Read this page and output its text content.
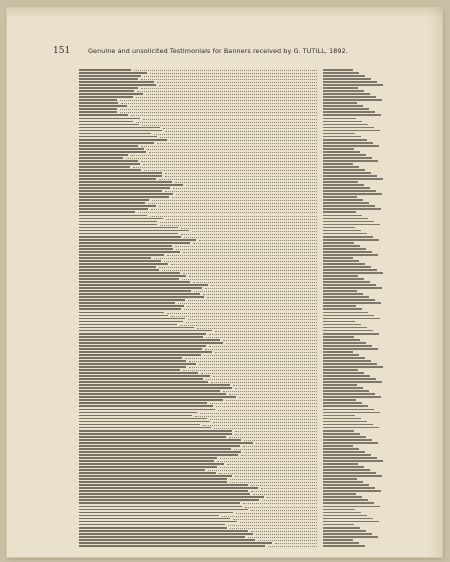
151	Genuine and unsolicited Testimonials for Banners received by G. TUTILL, 1892.
